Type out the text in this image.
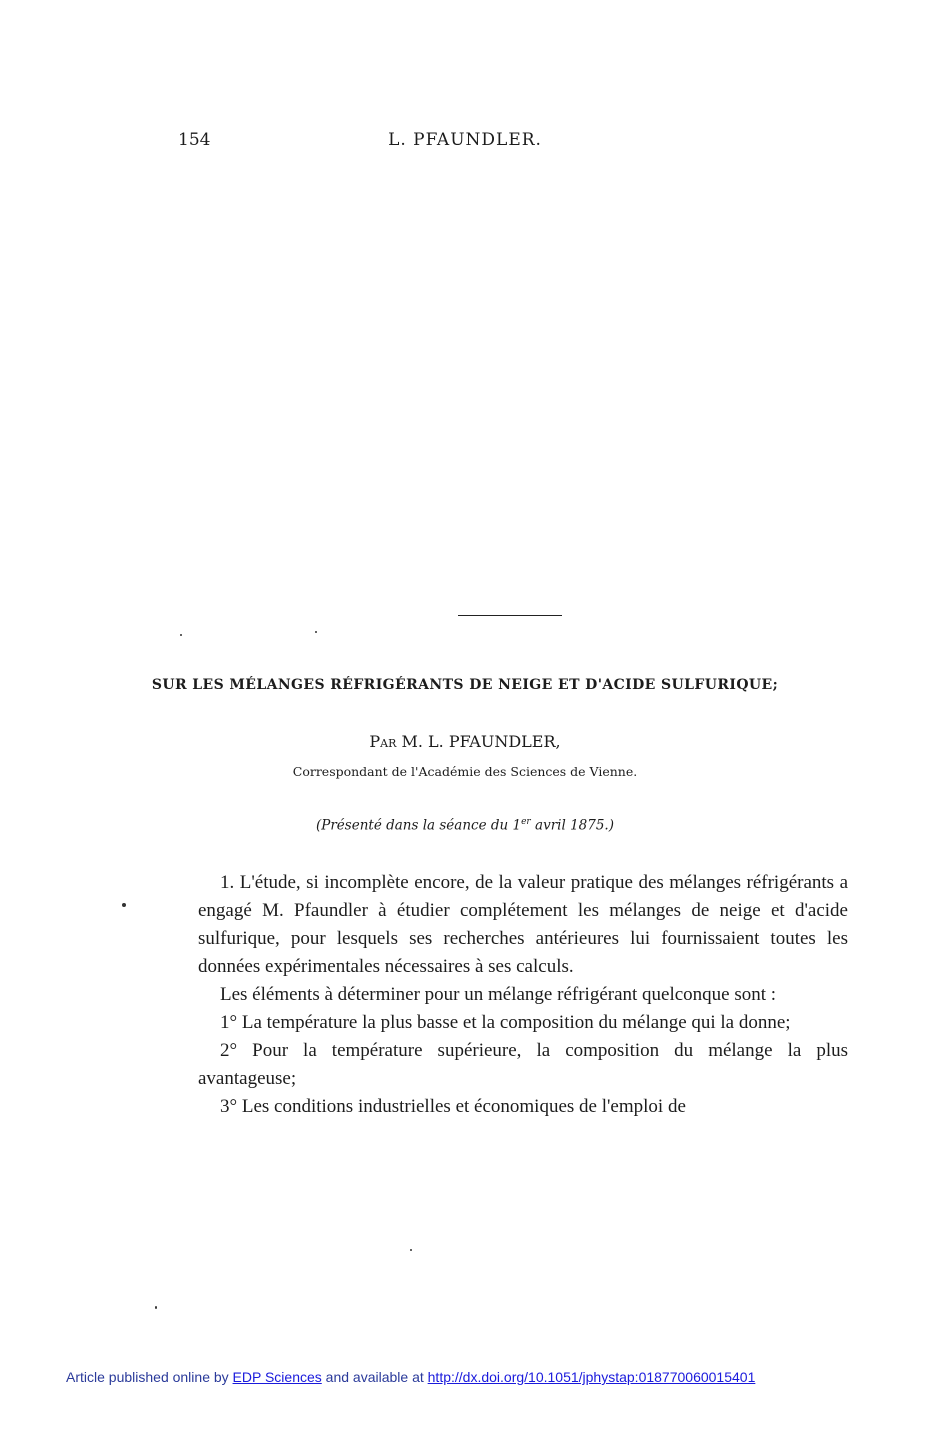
154	L. PFAUNDLER.
SUR LES MÉLANGES RÉFRIGÉRANTS DE NEIGE ET D'ACIDE SULFURIQUE;
Par M. L. PFAUNDLER,
Correspondant de l'Académie des Sciences de Vienne.
(Présenté dans la séance du 1er avril 1875.)

1. L'étude, si incomplète encore, de la valeur pratique des mélanges réfrigérants a engagé M. Pfaundler à étudier complétement les mélanges de neige et d'acide sulfurique, pour lesquels ses recherches antérieures lui fournissaient toutes les données expérimentales nécessaires à ses calculs.

Les éléments à déterminer pour un mélange réfrigérant quelconque sont :

1° La température la plus basse et la composition du mélange qui la donne;

2° Pour la température supérieure, la composition du mélange la plus avantageuse;

3° Les conditions industrielles et économiques de l'emploi de

Article published online by EDP Sciences and available at http://dx.doi.org/10.1051/jphystap:018770060015401
